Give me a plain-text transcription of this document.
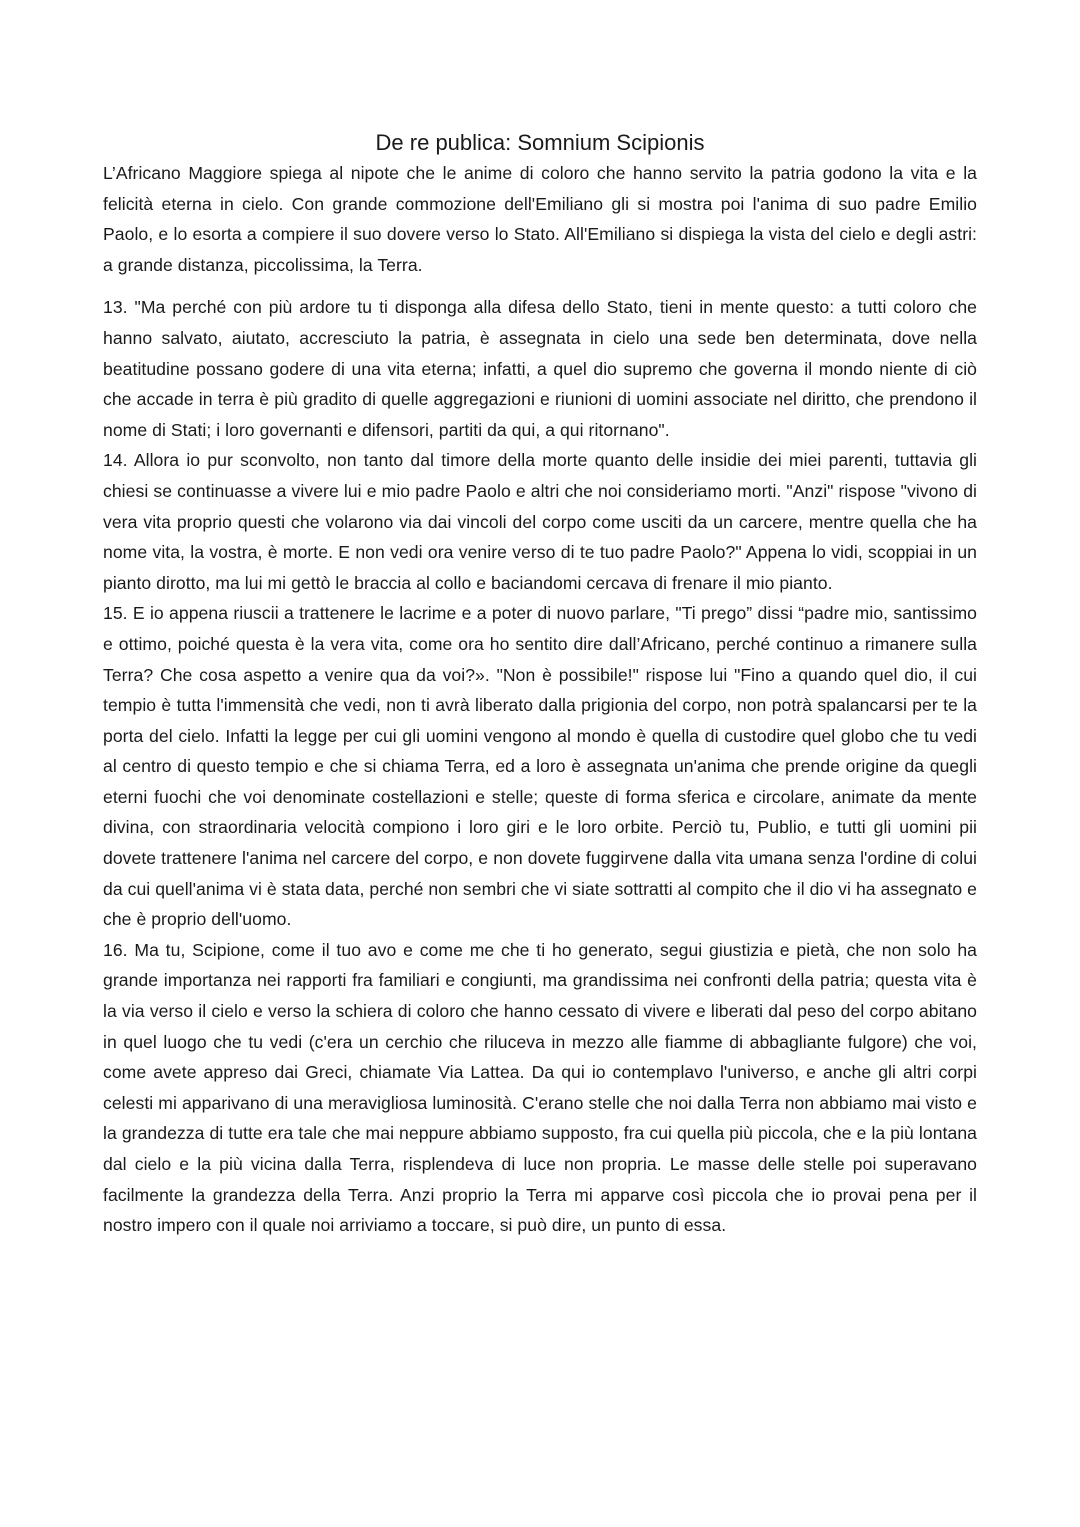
De re publica: Somnium Scipionis

L’Africano Maggiore spiega al nipote che le anime di coloro che hanno servito la patria godono la vita e la felicità eterna in cielo. Con grande commozione dell'Emiliano gli si mostra poi l'anima di suo padre Emilio Paolo, e lo esorta a compiere il suo dovere verso lo Stato. All'Emiliano si dispiega la vista del cielo e degli astri: a grande distanza, piccolissima, la Terra.

13. "Ma perché con più ardore tu ti disponga alla difesa dello Stato, tieni in mente questo: a tutti coloro che hanno salvato, aiutato, accresciuto la patria, è assegnata in cielo una sede ben determinata, dove nella beatitudine possano godere di una vita eterna; infatti, a quel dio supremo che governa il mondo niente di ciò che accade in terra è più gradito di quelle aggregazioni e riunioni di uomini associate nel diritto, che prendono il nome di Stati; i loro governanti e difensori, partiti da qui, a qui ritornano".

14. Allora io pur sconvolto, non tanto dal timore della morte quanto delle insidie dei miei parenti, tuttavia gli chiesi se continuasse a vivere lui e mio padre Paolo e altri che noi consideriamo morti. "Anzi" rispose "vivono di vera vita proprio questi che volarono via dai vincoli del corpo come usciti da un carcere, mentre quella che ha nome vita, la vostra, è morte. E non vedi ora venire verso di te tuo padre Paolo?" Appena lo vidi, scoppiai in un pianto dirotto, ma lui mi gettò le braccia al collo e baciandomi cercava di frenare il mio pianto.

15. E io appena riuscii a trattenere le lacrime e a poter di nuovo parlare, "Ti prego” dissi “padre mio, santissimo e ottimo, poiché questa è la vera vita, come ora ho sentito dire dall’Africano, perché continuo a rimanere sulla Terra? Che cosa aspetto a venire qua da voi?». "Non è possibile!" rispose lui "Fino a quando quel dio, il cui tempio è tutta l'immensità che vedi, non ti avrà liberato dalla prigionia del corpo, non potrà spalancarsi per te la porta del cielo. Infatti la legge per cui gli uomini vengono al mondo è quella di custodire quel globo che tu vedi al centro di questo tempio e che si chiama Terra, ed a loro è assegnata un'anima che prende origine da quegli eterni fuochi che voi denominate costellazioni e stelle; queste di forma sferica e circolare, animate da mente divina, con straordinaria velocità compiono i loro giri e le loro orbite. Perciò tu, Publio, e tutti gli uomini pii dovete trattenere l'anima nel carcere del corpo, e non dovete fuggirvene dalla vita umana senza l'ordine di colui da cui quell'anima vi è stata data, perché non sembri che vi siate sottratti al compito che il dio vi ha assegnato e che è proprio dell'uomo.

16. Ma tu, Scipione, come il tuo avo e come me che ti ho generato, segui giustizia e pietà, che non solo ha grande importanza nei rapporti fra familiari e congiunti, ma grandissima nei confronti della patria; questa vita è la via verso il cielo e verso la schiera di coloro che hanno cessato di vivere e liberati dal peso del corpo abitano in quel luogo che tu vedi (c'era un cerchio che riluceva in mezzo alle fiamme di abbagliante fulgore) che voi, come avete appreso dai Greci, chiamate Via Lattea. Da qui io contemplavo l'universo, e anche gli altri corpi celesti mi apparivano di una meravigliosa luminosità. C'erano stelle che noi dalla Terra non abbiamo mai visto e la grandezza di tutte era tale che mai neppure abbiamo supposto, fra cui quella più piccola, che e la più lontana dal cielo e la più vicina dalla Terra, risplendeva di luce non propria. Le masse delle stelle poi superavano facilmente la grandezza della Terra. Anzi proprio la Terra mi apparve così piccola che io provai pena per il nostro impero con il quale noi arriviamo a toccare, si può dire, un punto di essa.
